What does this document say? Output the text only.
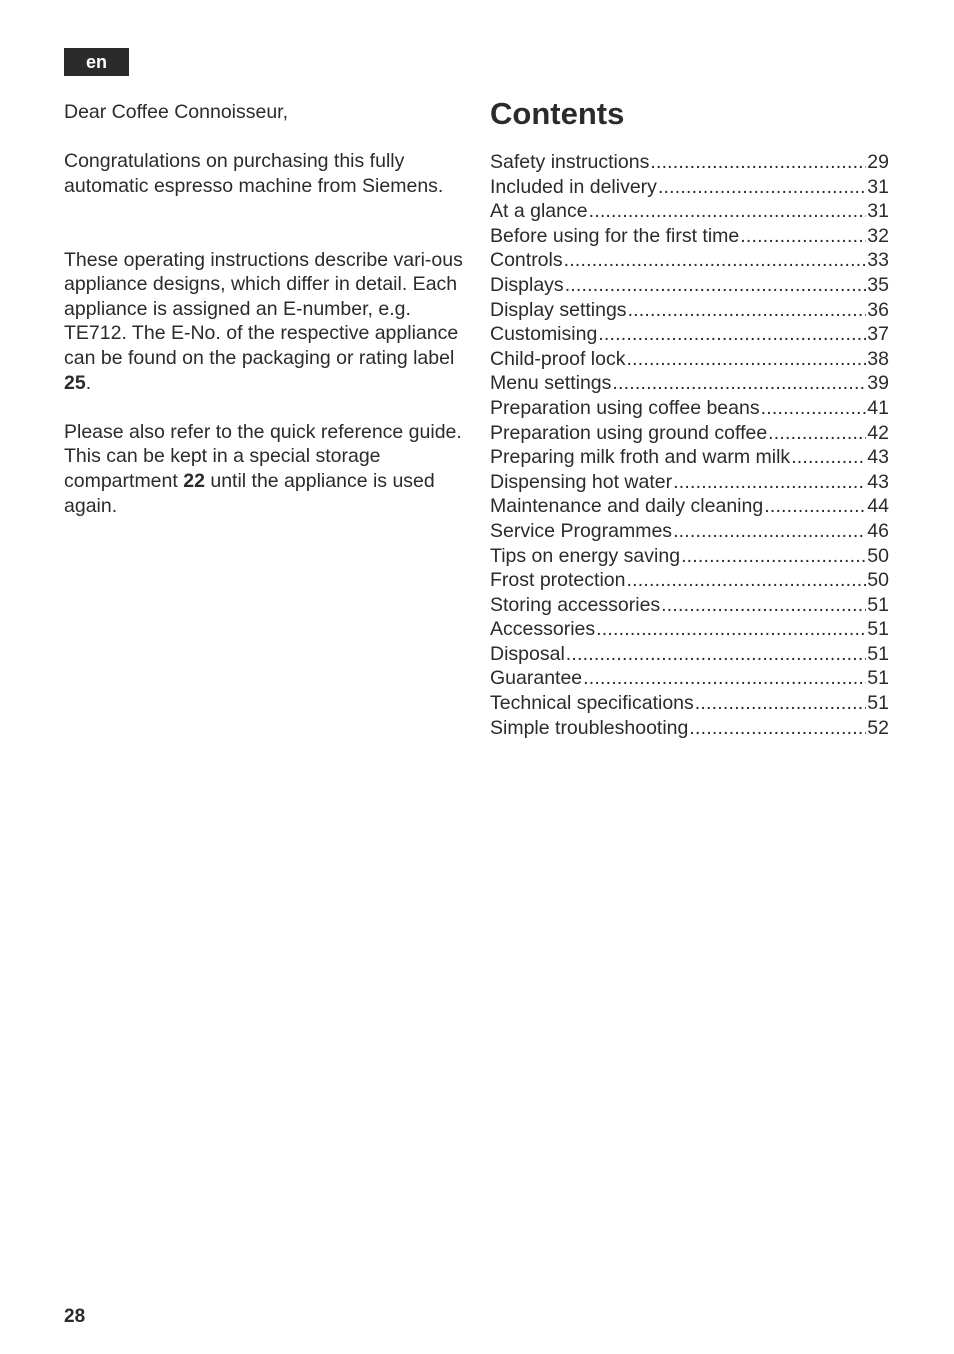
en

Dear Coffee Connoisseur,

Congratulations on purchasing this fully automatic espresso machine from Siemens.

These operating instructions describe vari-ous appliance designs, which differ in detail. Each appliance is assigned an E-number, e.g. TE712. The E-No. of the respective appliance can be found on the packaging or rating label 25.

Please also refer to the quick reference guide. This can be kept in a special storage compartment 22 until the appliance is used again.

Contents
Safety instructions .....	29
Included in delivery .....	31
At a glance .....	31
Before using for the first time .....	32
Controls .....	33
Displays .....	35
Display settings .....	36
Customising .....	37
Child-proof lock .....	38
Menu settings .....	39
Preparation using coffee beans .....	41
Preparation using ground coffee .....	42
Preparing milk froth and warm milk .....	43
Dispensing hot water .....	43
Maintenance and daily cleaning .....	44
Service Programmes .....	46
Tips on energy saving .....	50
Frost protection .....	50
Storing accessories .....	51
Accessories .....	51
Disposal .....	51
Guarantee .....	51
Technical specifications .....	51
Simple troubleshooting .....	52
28
